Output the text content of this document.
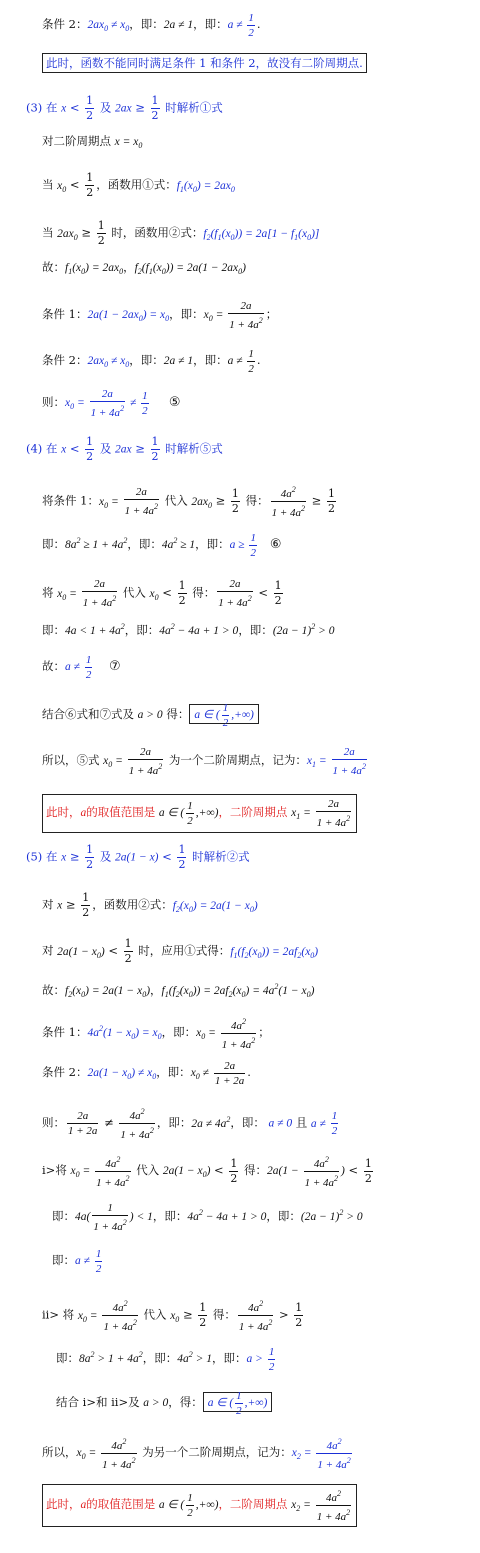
条件 2：$2ax_0 \ne x_0$，即：2a ≠ 1，即：$a \ne \frac{1}{2}$ .
此时，函数不能同时满足条件 1 和条件 2，故没有二阶周期点.
(3) 在 $x < \frac{1}{2}$ 及 $2ax \ge \frac{1}{2}$ 时解析①式
对二阶周期点 $x = x_0$
当 $x_0 < \frac{1}{2}$ ，函数用①式：$f_1(x_0) = 2ax_0$
当 $2ax_0 \ge \frac{1}{2}$ 时，函数用②式：$f_2(f_1(x_0)) = 2a[1 - f_1(x_0)]$
故：$f_1(x_0) = 2ax_0$，$f_2(f_1(x_0)) = 2a(1 - 2ax_0)$
条件 1：$2a(1 - 2ax_0) = x_0$，即：$x_0 = \frac{2a}{1 + 4a^2}$ ；
条件 2：$2ax_0 \ne x_0$，即：2a ≠ 1，即：$a \ne \frac{1}{2}$ .
则：$x_0 = \frac{2a}{1 + 4a^2} \ne \frac{1}{2}$ ⑤
(4) 在 $x < \frac{1}{2}$ 及 $2ax \ge \frac{1}{2}$ 时解析⑤式
将条件 1：$x_0 = \frac{2a}{1 + 4a^2}$ 代入 $2ax_0 \ge \frac{1}{2}$ 得： $\frac{4a^2}{1 + 4a^2} \ge \frac{1}{2}$
即：$8a^2 \ge 1 + 4a^2$，即：$4a^2 \ge 1$，即：$a \ge \frac{1}{2}$ ⑥
将 $x_0 = \frac{2a}{1 + 4a^2}$ 代入 $x_0 < \frac{1}{2}$ 得： $\frac{2a}{1 + 4a^2} < \frac{1}{2}$
即：$4a < 1 + 4a^2$，即：$4a^2 - 4a + 1 > 0$，即：$(2a - 1)^2 > 0$
故：$a \ne \frac{1}{2}$ ⑦
结合⑥式和⑦式及 a > 0 得： a ∈ ( $\frac{1}{2}$ ,+∞)
所以，⑤式 $x_0 = \frac{2a}{1 + 4a^2}$ 为一个二阶周期点，记为：$x_1 = \frac{2a}{1 + 4a^2}$
此时，a的取值范围是 a ∈ ( $\frac{1}{2}$ ,+∞)，二阶周期点 $x_1 = \frac{2a}{1 + 4a^2}$
(5) 在 $x \ge \frac{1}{2}$ 及 $2a(1 - x) < \frac{1}{2}$ 时解析②式
对 $x \ge \frac{1}{2}$ ，函数用②式：$f_2(x_0) = 2a(1 - x_0)$
对 $2a(1 - x_0) < \frac{1}{2}$ 时，应用①式得：$f_1(f_2(x_0)) = 2af_2(x_0)$
故：$f_2(x_0) = 2a(1 - x_0)$，$f_1(f_2(x_0)) = 2af_2(x_0) = 4a^2(1 - x_0)$
条件 1：$4a^2(1 - x_0) = x_0$，即：$x_0 = \frac{4a^2}{1 + 4a^2}$ ；
条件 2：$2a(1 - x_0) \ne x_0$，即：$x_0 \ne \frac{2a}{1 + 2a}$ .
则： $\frac{2a}{1 + 2a} \ne \frac{4a^2}{1 + 4a^2}$ ，即：$2a \ne 4a^2$，即： a ≠ 0 且 $a \ne \frac{1}{2}$
i>将 $x_0 = \frac{4a^2}{1 + 4a^2}$ 代入 $2a(1 - x_0) < \frac{1}{2}$ 得：$2a(1 - \frac{4a^2}{1 + 4a^2}$ ) < $\frac{1}{2}$
即：$4a( \frac{1}{1 + 4a^2}$ ) < 1，即：$4a^2 - 4a + 1 > 0$，即：$(2a - 1)^2 > 0$
即：$a \ne \frac{1}{2}$
ii> 将 $x_0 = \frac{4a^2}{1 + 4a^2}$ 代入 $x_0 \ge \frac{1}{2}$ 得： $\frac{4a^2}{1 + 4a^2} > \frac{1}{2}$
即：$8a^2 > 1 + 4a^2$，即：$4a^2 > 1$，即：$a > \frac{1}{2}$
结合 i>和 ii>及 a > 0，得： a ∈ ( $\frac{1}{2}$ ,+∞)
所以，$x_0 = \frac{4a^2}{1 + 4a^2}$ 为另一个二阶周期点，记为：$x_2 = \frac{4a^2}{1 + 4a^2}$
此时，a的取值范围是 a ∈ ( $\frac{1}{2}$ ,+∞)，二阶周期点 $x_2 = \frac{4a^2}{1 + 4a^2}$
